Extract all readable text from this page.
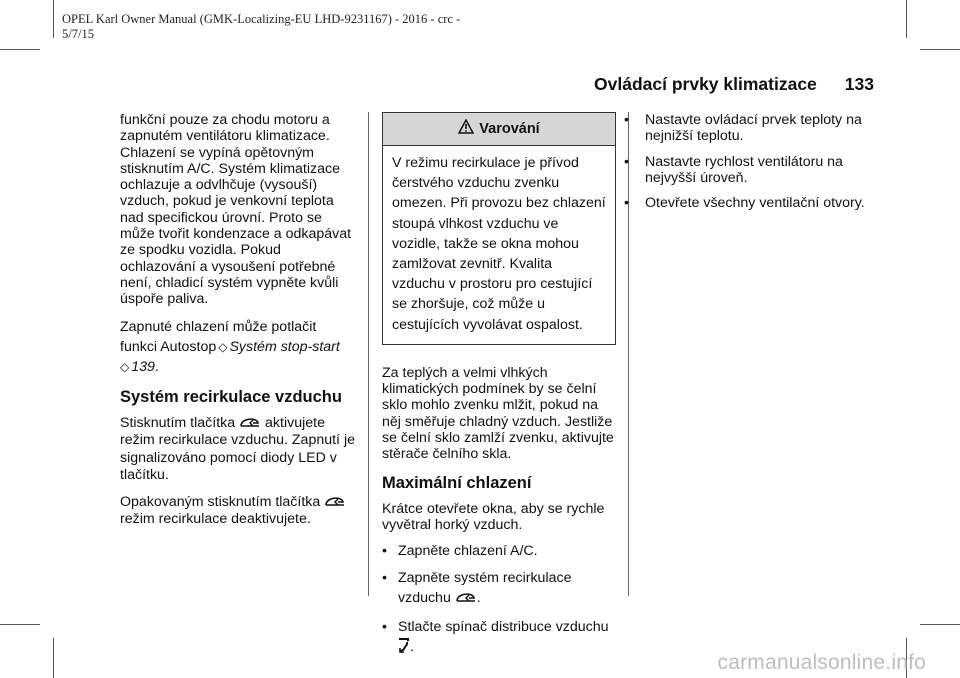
OPEL Karl Owner Manual (GMK-Localizing-EU LHD-9231167) - 2016 - crc -
5/7/15
Ovládací prvky klimatizace 133

funkční pouze za chodu motoru a zapnutém ventilátoru klimatizace. Chlazení se vypíná opětovným stisknutím A/C. Systém klimatizace ochlazuje a odvlhčuje (vysouší) vzduch, pokud je venkovní teplota nad specifickou úrovní. Proto se může tvořit kondenzace a odkapávat ze spodku vozidla. Pokud ochlazování a vysoušení potřebné není, chladicí systém vypněte kvůli úspoře paliva.

Zapnuté chlazení může potlačit funkci Autostop ◇ Systém stop-start ◇ 139.

Systém recirkulace vzduchu

Stisknutím tlačítka aktivujete režim recirkulace vzduchu. Zapnutí je signalizováno pomocí diody LED v tlačítku.

Opakovaným stisknutím tlačítka
režim recirkulace deaktivujete.

Varování
V režimu recirkulace je přívod čerstvého vzduchu zvenku omezen. Při provozu bez chlazení stoupá vlhkost vzduchu ve vozidle, takže se okna mohou zamlžovat zevnitř. Kvalita vzduchu v prostoru pro cestující se zhoršuje, což může u cestujících vyvolávat ospalost.

Za teplých a velmi vlhkých klimatických podmínek by se čelní sklo mohlo zvenku mlžit, pokud na něj směřuje chladný vzduch. Jestliže se čelní sklo zamlží zvenku, aktivujte stěrače čelního skla.

Maximální chlazení

Krátce otevřete okna, aby se rychle vyvětral horký vzduch.

• Zapněte chlazení A/C.
• Zapněte systém recirkulace vzduchu .
• Stlačte spínač distribuce vzduchu .
•	Nastavte ovládací prvek teploty na nejnižší teplotu.
•	Nastavte rychlost ventilátoru na nejvyšší úroveň.
•	Otevřete všechny ventilační otvory.
carmanualsonline.info
